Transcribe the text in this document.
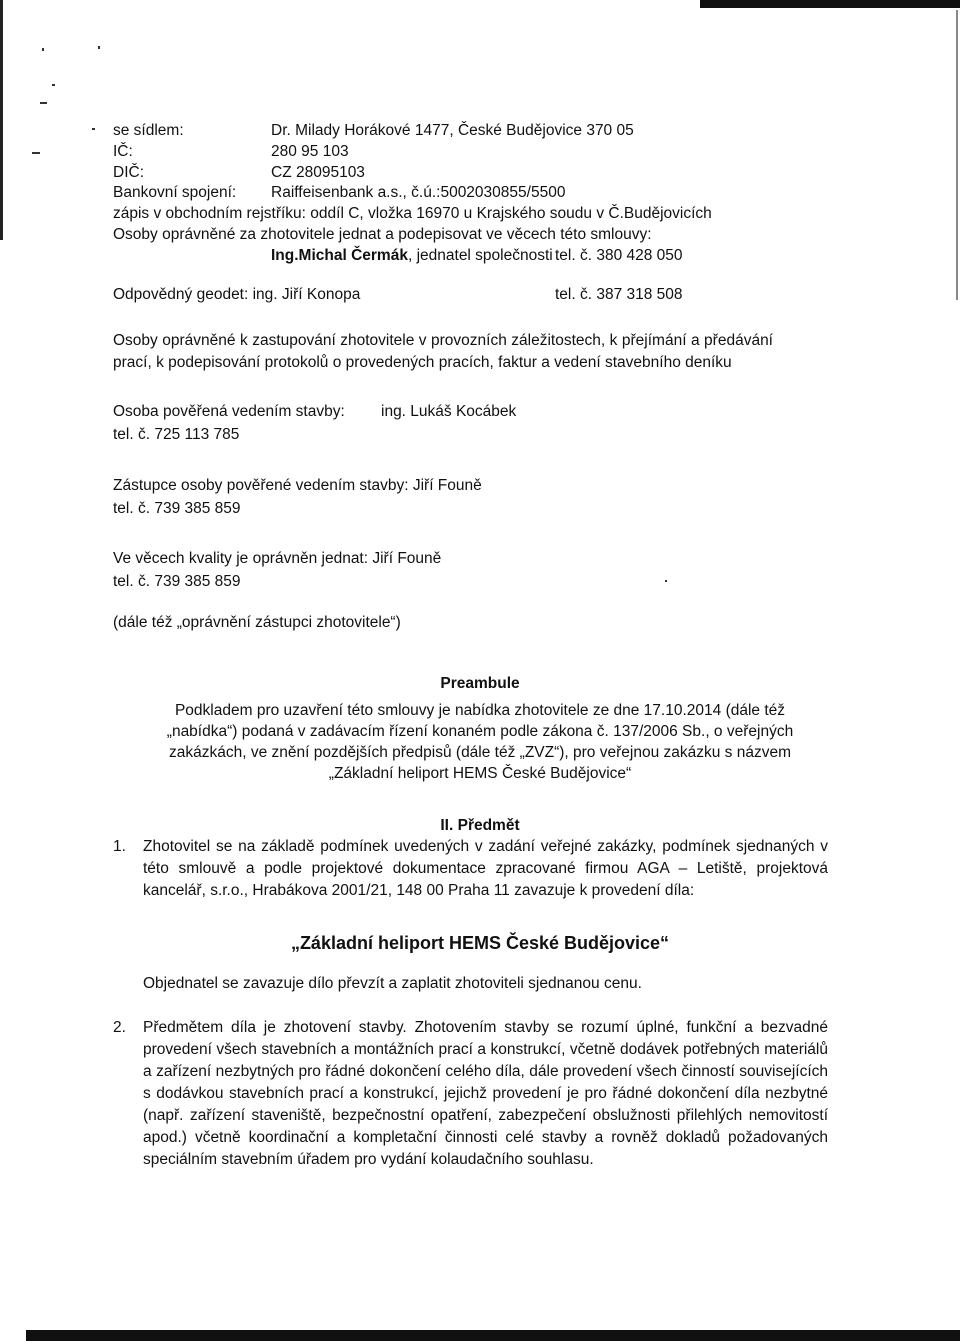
se sídlem:	Dr. Milady Horákové 1477, České Budějovice 370 05
IČ:	280 95 103
DIČ:	CZ 28095103
Bankovní spojení: Raiffeisenbank a.s., č.ú.:5002030855/5500
zápis v obchodním rejstříku: oddíl C, vložka 16970 u Krajského soudu v Č.Budějovicích
Osoby oprávněné za zhotovitele jednat a podepisovat ve věcech této smlouvy:
Ing.Michal Čermák, jednatel společnosti tel. č. 380 428 050
Odpovědný geodet: ing. Jiří Konopa	tel. č. 387 318 508
Osoby oprávněné k zastupování zhotovitele v provozních záležitostech, k přejímání a předávání prací, k podepisování protokolů o provedených pracích, faktur a vedení stavebního deníku
Osoba pověřená vedením stavby: ing. Lukáš Kocábek
tel. č. 725 113 785
Zástupce osoby pověřené vedením stavby: Jiří Founě
tel. č. 739 385 859
Ve věcech kvality je oprávněn jednat: Jiří Founě
tel. č. 739 385 859
(dále též „oprávnění zástupci zhotovitele“)
Preambule
Podkladem pro uzavření této smlouvy je nabídka zhotovitele ze dne 17.10.2014 (dále též
„nabídka“) podaná v zadávacím řízení konaném podle zákona č. 137/2006 Sb., o veřejných
zakázkách, ve znění pozdějších předpisů (dále též „ZVZ“), pro veřejnou zakázku s názvem
„Základní heliport HEMS České Budějovice“
II. Předmět
1. Zhotovitel se na základě podmínek uvedených v zadání veřejné zakázky, podmínek sjednaných v této smlouvě a podle projektové dokumentace zpracované firmou AGA – Letiště, projektová kancelář, s.r.o., Hrabákova 2001/21, 148 00 Praha 11 zavazuje k provedení díla:
„Základní heliport HEMS České Budějovice“
Objednatel se zavazuje dílo převzít a zaplatit zhotoviteli sjednanou cenu.
2. Předmětem díla je zhotovení stavby. Zhotovením stavby se rozumí úplné, funkční a bezvadné provedení všech stavebních a montážních prací a konstrukcí, včetně dodávek potřebných materiálů a zařízení nezbytných pro řádné dokončení celého díla, dále provedení všech činností souvisejících s dodávkou stavebních prací a konstrukcí, jejichž provedení je pro řádné dokončení díla nezbytné (např. zařízení staveniště, bezpečnostní opatření, zabezpečení obslužnosti přilehlých nemovitostí apod.) včetně koordinační a kompletační činnosti celé stavby a rovněž dokladů požadovaných speciálním stavebním úřadem pro vydání kolaudačního souhlasu.
